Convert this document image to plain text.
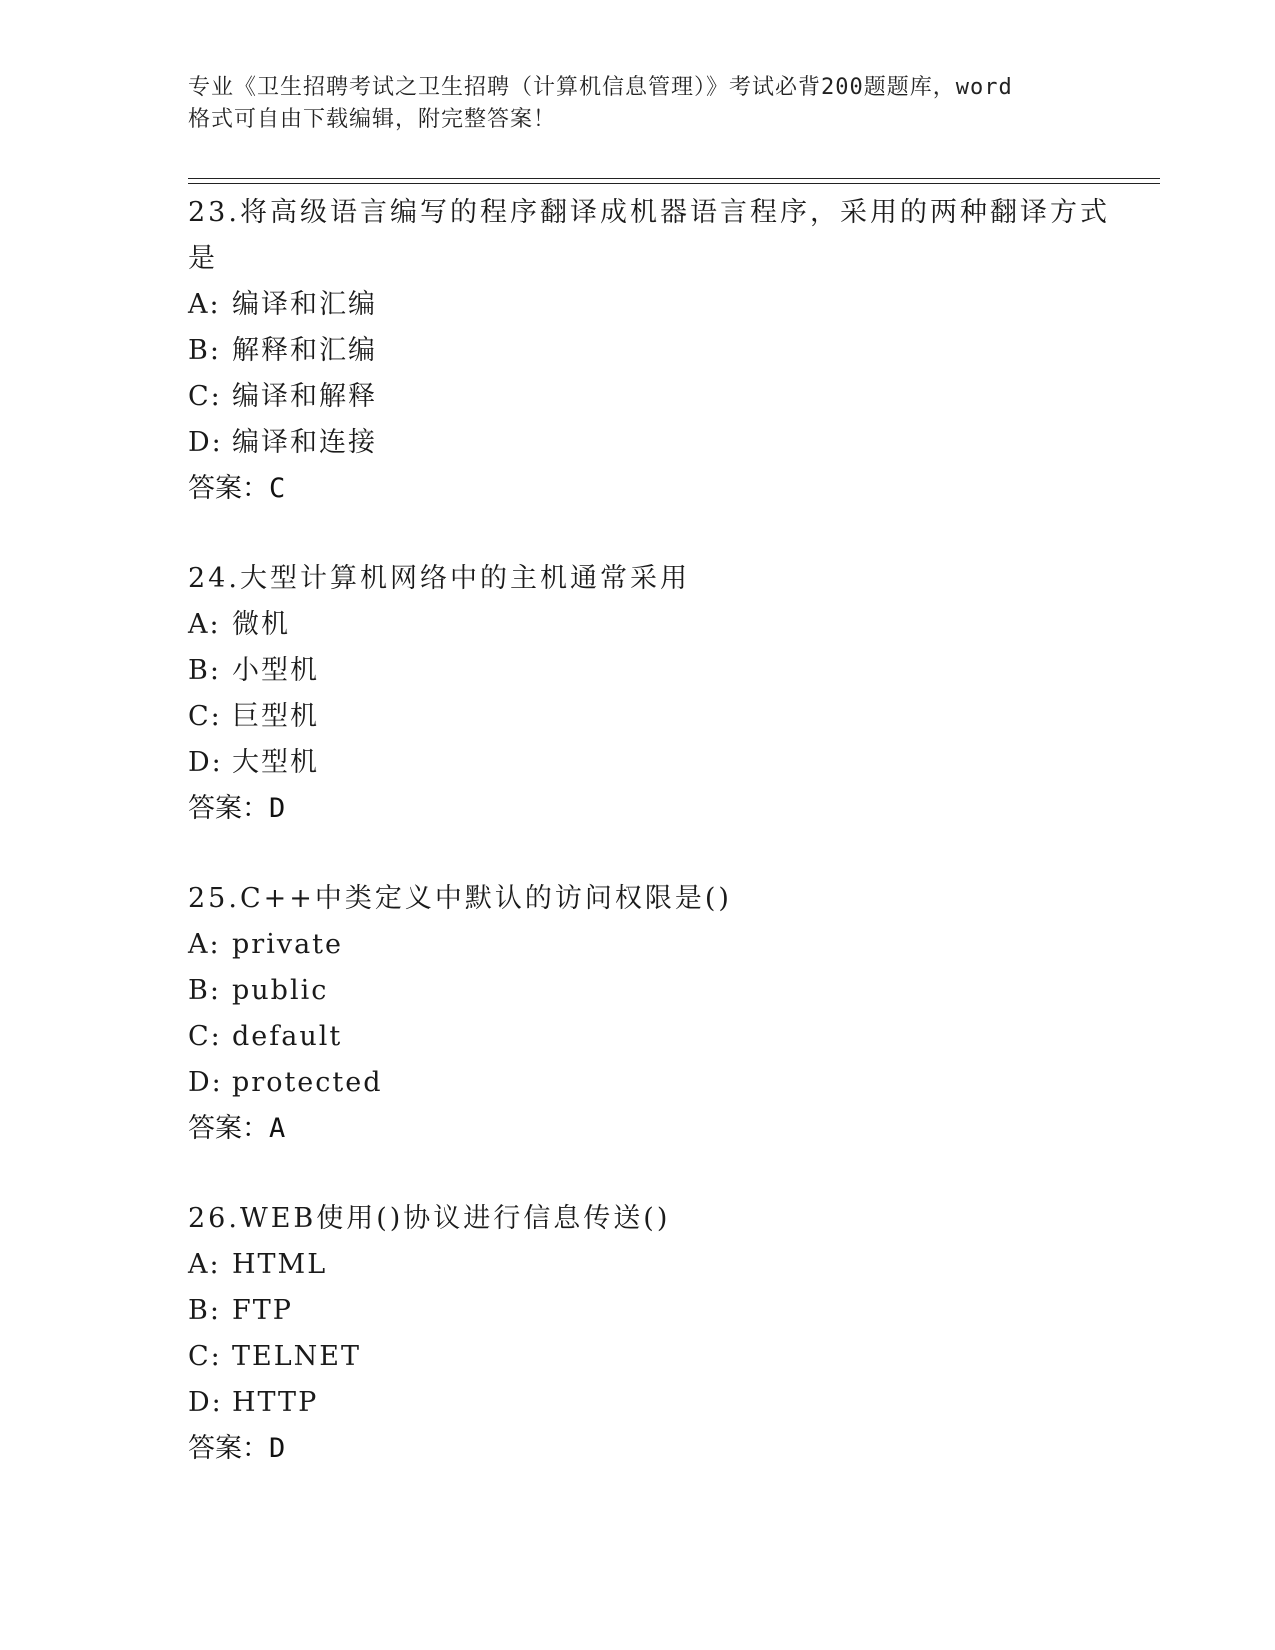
专业《卫生招聘考试之卫生招聘（计算机信息管理）》考试必背200题题库，word
格式可自由下载编辑，附完整答案！
23.将高级语言编写的程序翻译成机器语言程序，采用的两种翻译方式
是
A: 编译和汇编
B: 解释和汇编
C: 编译和解释
D: 编译和连接
答案：C
24.大型计算机网络中的主机通常采用
A: 微机
B: 小型机
C: 巨型机
D: 大型机
答案：D
25.C++中类定义中默认的访问权限是()
A: private
B: public
C: default
D: protected
答案：A
26.WEB使用()协议进行信息传送()
A: HTML
B: FTP
C: TELNET
D: HTTP
答案：D
